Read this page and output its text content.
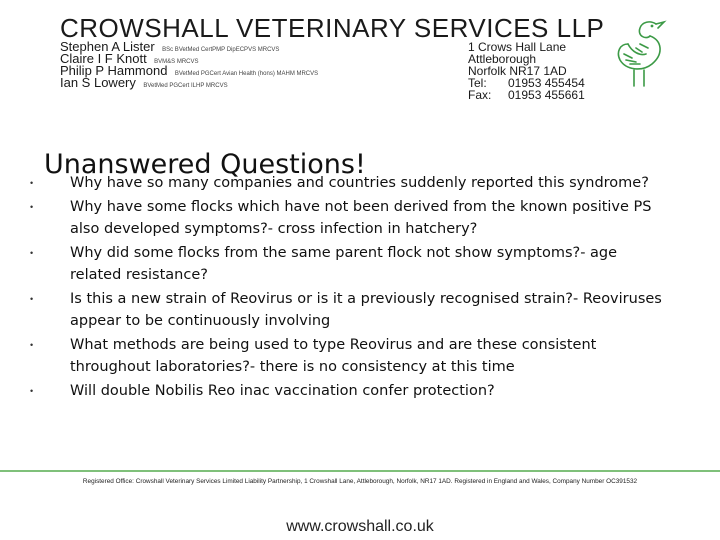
CROWSHALL VETERINARY SERVICES LLP
Stephen A Lister BSc BVetMed CertPMP DipECPVS MRCVS
Claire I F Knott BVM&S MRCVS
Philip P Hammond BVetMed PGCert Avian Health (hons) MAHM MRCVS
Ian S Lowery BVetMed PGCert ILHP MRCVS
1 Crows Hall Lane
Attleborough
Norfolk NR17 1AD
Tel:	01953 455454
Fax:	01953 455661
Unanswered Questions!
•	Why have so many companies and countries suddenly reported this syndrome?
•	Why have some flocks which have not been derived from the known positive PS also developed symptoms?- cross infection in hatchery?
•	Why did some flocks from the same parent flock not show symptoms?- age related resistance?
•	Is this a new strain of Reovirus or is it a previously recognised strain?- Reoviruses appear to be continuously involving
•	What methods are being used to type Reovirus and are these consistent throughout laboratories?- there is no consistency at this time
•	Will double Nobilis Reo inac vaccination confer protection?
Registered Office: Crowshall Veterinary Services Limited Liability Partnership, 1 Crowshall Lane, Attleborough, Norfolk, NR17 1AD. Registered in England and Wales, Company Number OC391532
www.crowshall.co.uk
